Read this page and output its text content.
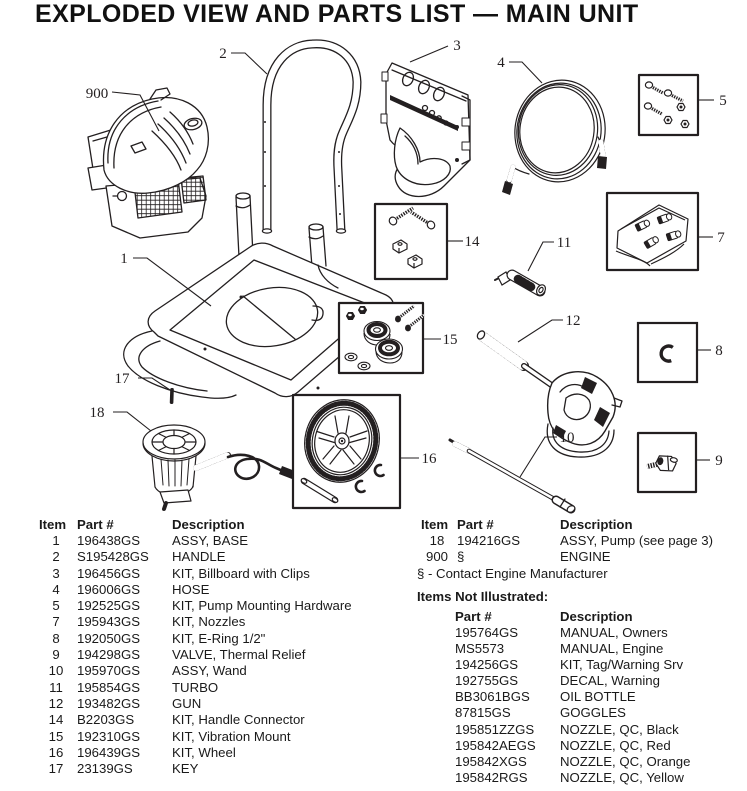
EXPLODED VIEW AND PARTS LIST — MAIN UNIT
900
1
2	3
4
5
7
8
9
10
11
12
14
15
16
17
18
Item Part #	Description
1	196438GS	ASSY, BASE
2	S195428GS	HANDLE
3	196456GS	KIT, Billboard with Clips
4	196006GS	HOSE
5	192525GS	KIT, Pump Mounting Hardware
7	195943GS	KIT, Nozzles
8	192050GS	KIT, E-Ring 1/2"
9	194298GS	VALVE, Thermal Relief
10	195970GS	ASSY, Wand
11	195854GS	TURBO
12	193482GS	GUN
14	B2203GS	KIT, Handle Connector
15	192310GS	KIT, Vibration Mount
16	196439GS	KIT, Wheel
17	23139GS	KEY
Item Part #	Description
18 194216GS	ASSY, Pump (see page 3)
900 §	ENGINE
§ - Contact Engine Manufacturer
Items Not Illustrated:
Part #	Description
195764GS	MANUAL, Owners
MS5573	MANUAL, Engine
194256GS	KIT, Tag/Warning Srv
192755GS	DECAL, Warning
BB3061BGS	OIL BOTTLE
87815GS	GOGGLES
195851ZZGS	NOZZLE, QC, Black
195842AEGS	NOZZLE, QC, Red
195842XGS	NOZZLE, QC, Orange
195842RGS	NOZZLE, QC, Yellow
